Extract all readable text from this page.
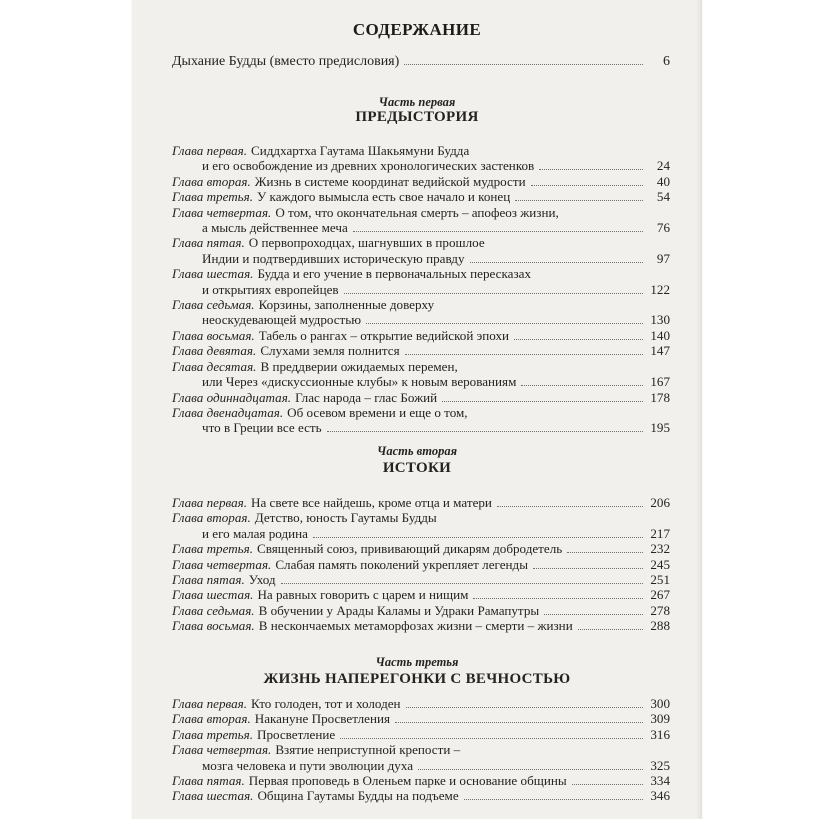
СОДЕРЖАНИЕ
Дыхание Будды (вместо предисловия)	6
Часть первая
ПРЕДЫСТОРИЯ
Глава первая. Сиддхартха Гаутама Шакьямуни Будда
и его освобождение из древних хронологических застенков	24
Глава вторая. Жизнь в системе координат ведийской мудрости	40
Глава третья. У каждого вымысла есть свое начало и конец	54
Глава четвертая. О том, что окончательная смерть – апофеоз жизни,
а мысль действеннее меча	76
Глава пятая. О первопроходцах, шагнувших в прошлое
Индии и подтвердивших историческую правду	97
Глава шестая. Будда и его учение в первоначальных пересказах
и открытиях европейцев	122
Глава седьмая. Корзины, заполненные доверху
неоскудевающей мудростью	130
Глава восьмая. Табель о рангах – открытие ведийской эпохи	140
Глава девятая. Слухами земля полнится	147
Глава десятая. В преддверии ожидаемых перемен,
или Через «дискуссионные клубы» к новым верованиям	167
Глава одиннадцатая. Глас народа – глас Божий	178
Глава двенадцатая. Об осевом времени и еще о том,
что в Греции все есть	195
Часть вторая
ИСТОКИ
Глава первая. На свете все найдешь, кроме отца и матери	206
Глава вторая. Детство, юность Гаутамы Будды
и его малая родина	217
Глава третья. Священный союз, прививающий дикарям добродетель	232
Глава четвертая. Слабая память поколений укрепляет легенды	245
Глава пятая. Уход	251
Глава шестая. На равных говорить с царем и нищим	267
Глава седьмая. В обучении у Арады Каламы и Удраки Рамапутры	278
Глава восьмая. В нескончаемых метаморфозах жизни – смерти – жизни	288
Часть третья
ЖИЗНЬ НАПЕРЕГОНКИ С ВЕЧНОСТЬЮ
Глава первая. Кто голоден, тот и холоден	300
Глава вторая. Накануне Просветления	309
Глава третья. Просветление	316
Глава четвертая. Взятие неприступной крепости –
мозга человека и пути эволюции духа	325
Глава пятая. Первая проповедь в Оленьем парке и основание общины	334
Глава шестая. Община Гаутамы Будды на подъеме	346
